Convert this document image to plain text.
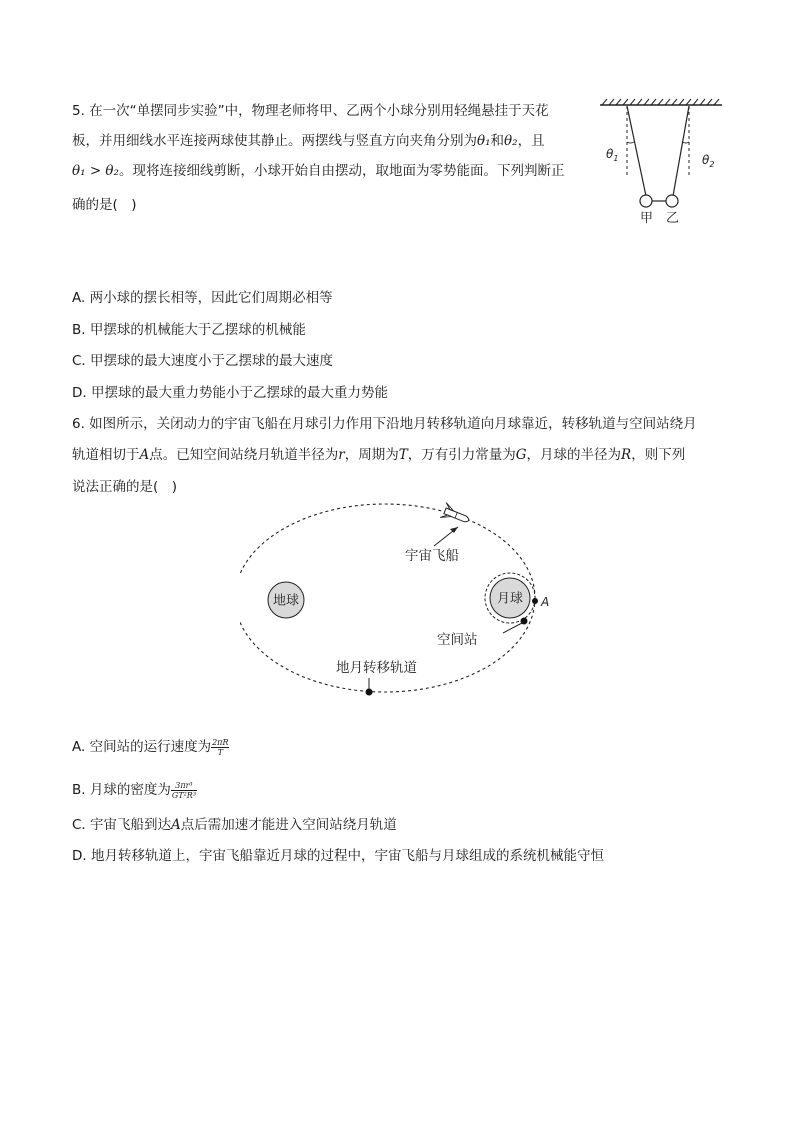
5. 在一次“单摆同步实验”中，物理老师将甲、乙两个小球分别用轻绳悬挂于天花
板，并用细线水平连接两球使其静止。两摆线与竖直方向夹角分别为θ₁和θ₂，且
θ₁ > θ₂。现将连接细线剪断，小球开始自由摆动，取地面为零势能面。下列判断正
确的是(　)
$\theta_1$	$\theta_2$
甲 乙
A. 两小球的摆长相等，因此它们周期必相等
B. 甲摆球的机械能大于乙摆球的机械能
C. 甲摆球的最大速度小于乙摆球的最大速度
D. 甲摆球的最大重力势能小于乙摆球的最大重力势能
6. 如图所示，关闭动力的宇宙飞船在月球引力作用下沿地月转移轨道向月球靠近，转移轨道与空间站绕月
轨道相切于A点。已知空间站绕月轨道半径为r，周期为T，万有引力常量为G，月球的半径为R，则下列
说法正确的是(　)
地球	月球 A
空间站
地月转移轨道
宇宙飞船
A. 空间站的运行速度为 $\frac{2\pi R}{T}$
B. 月球的密度为 $\frac{\text{3πr³}}{\text{GT²R³}}$
C. 宇宙飞船到达A点后需加速才能进入空间站绕月轨道
D. 地月转移轨道上，宇宙飞船靠近月球的过程中，宇宙飞船与月球组成的系统机械能守恒
